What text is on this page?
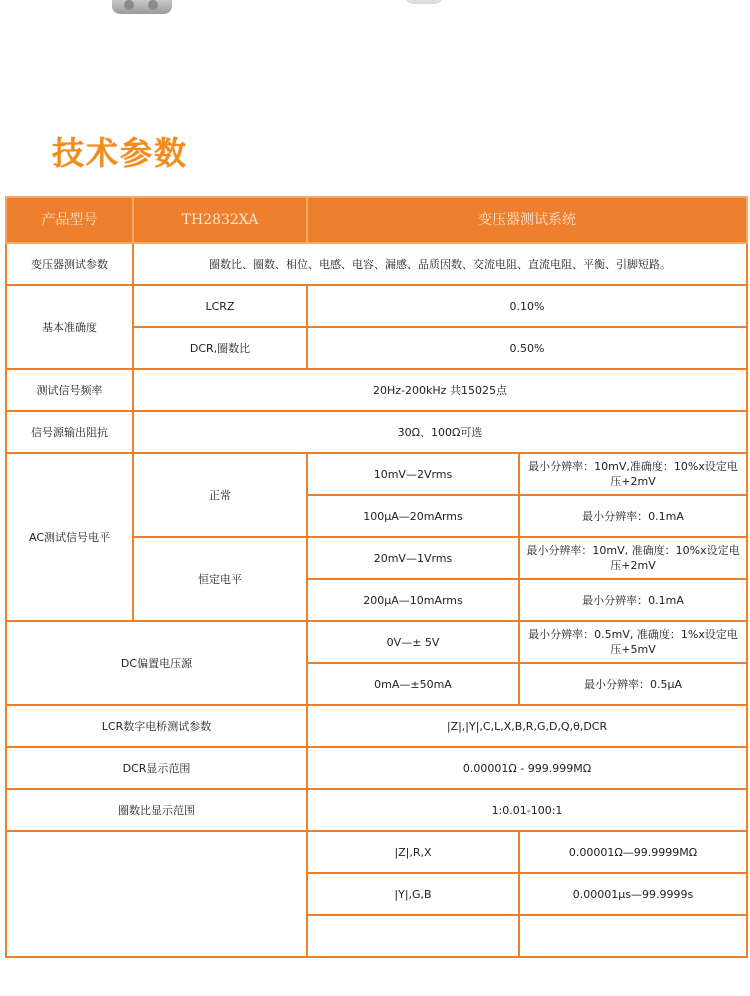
技术参数
产品型号	TH2832XA	变压器测试系统	
变压器测试参数	圈数比、圈数、相位、电感、电容、漏感、品质因数、交流电阻、直流电阻、平衡、引脚短路。		
基本准确度	LCRZ	0.10%	
	DCR,圈数比	0.50%	
测试信号频率	20Hz-200kHz 共15025点		
信号源输出阻抗	30Ω、100Ω可选		
AC测试信号电平	正常	10mV—2Vrms	最小分辨率：10mV,准确度：10%x设定电压+2mV
		100μA—20mArms	最小分辨率：0.1mA
	恒定电平	20mV—1Vrms	最小分辨率：10mV, 准确度：10%x设定电压+2mV
		200μA—10mArms	最小分辨率：0.1mA
DC偏置电压源		0V—± 5V	最小分辨率：0.5mV, 准确度：1%x设定电压+5mV
		0mA—±50mA	最小分辨率：0.5μA
LCR数字电桥测试参数		|Z|,|Y|,C,L,X,B,R,G,D,Q,θ,DCR	
DCR显示范围		0.00001Ω - 999.999MΩ	
圈数比显示范围		1:0.01-100:1	
		|Z|,R,X	0.00001Ω—99.9999MΩ
		|Y|,G,B	0.00001μs—99.9999s
